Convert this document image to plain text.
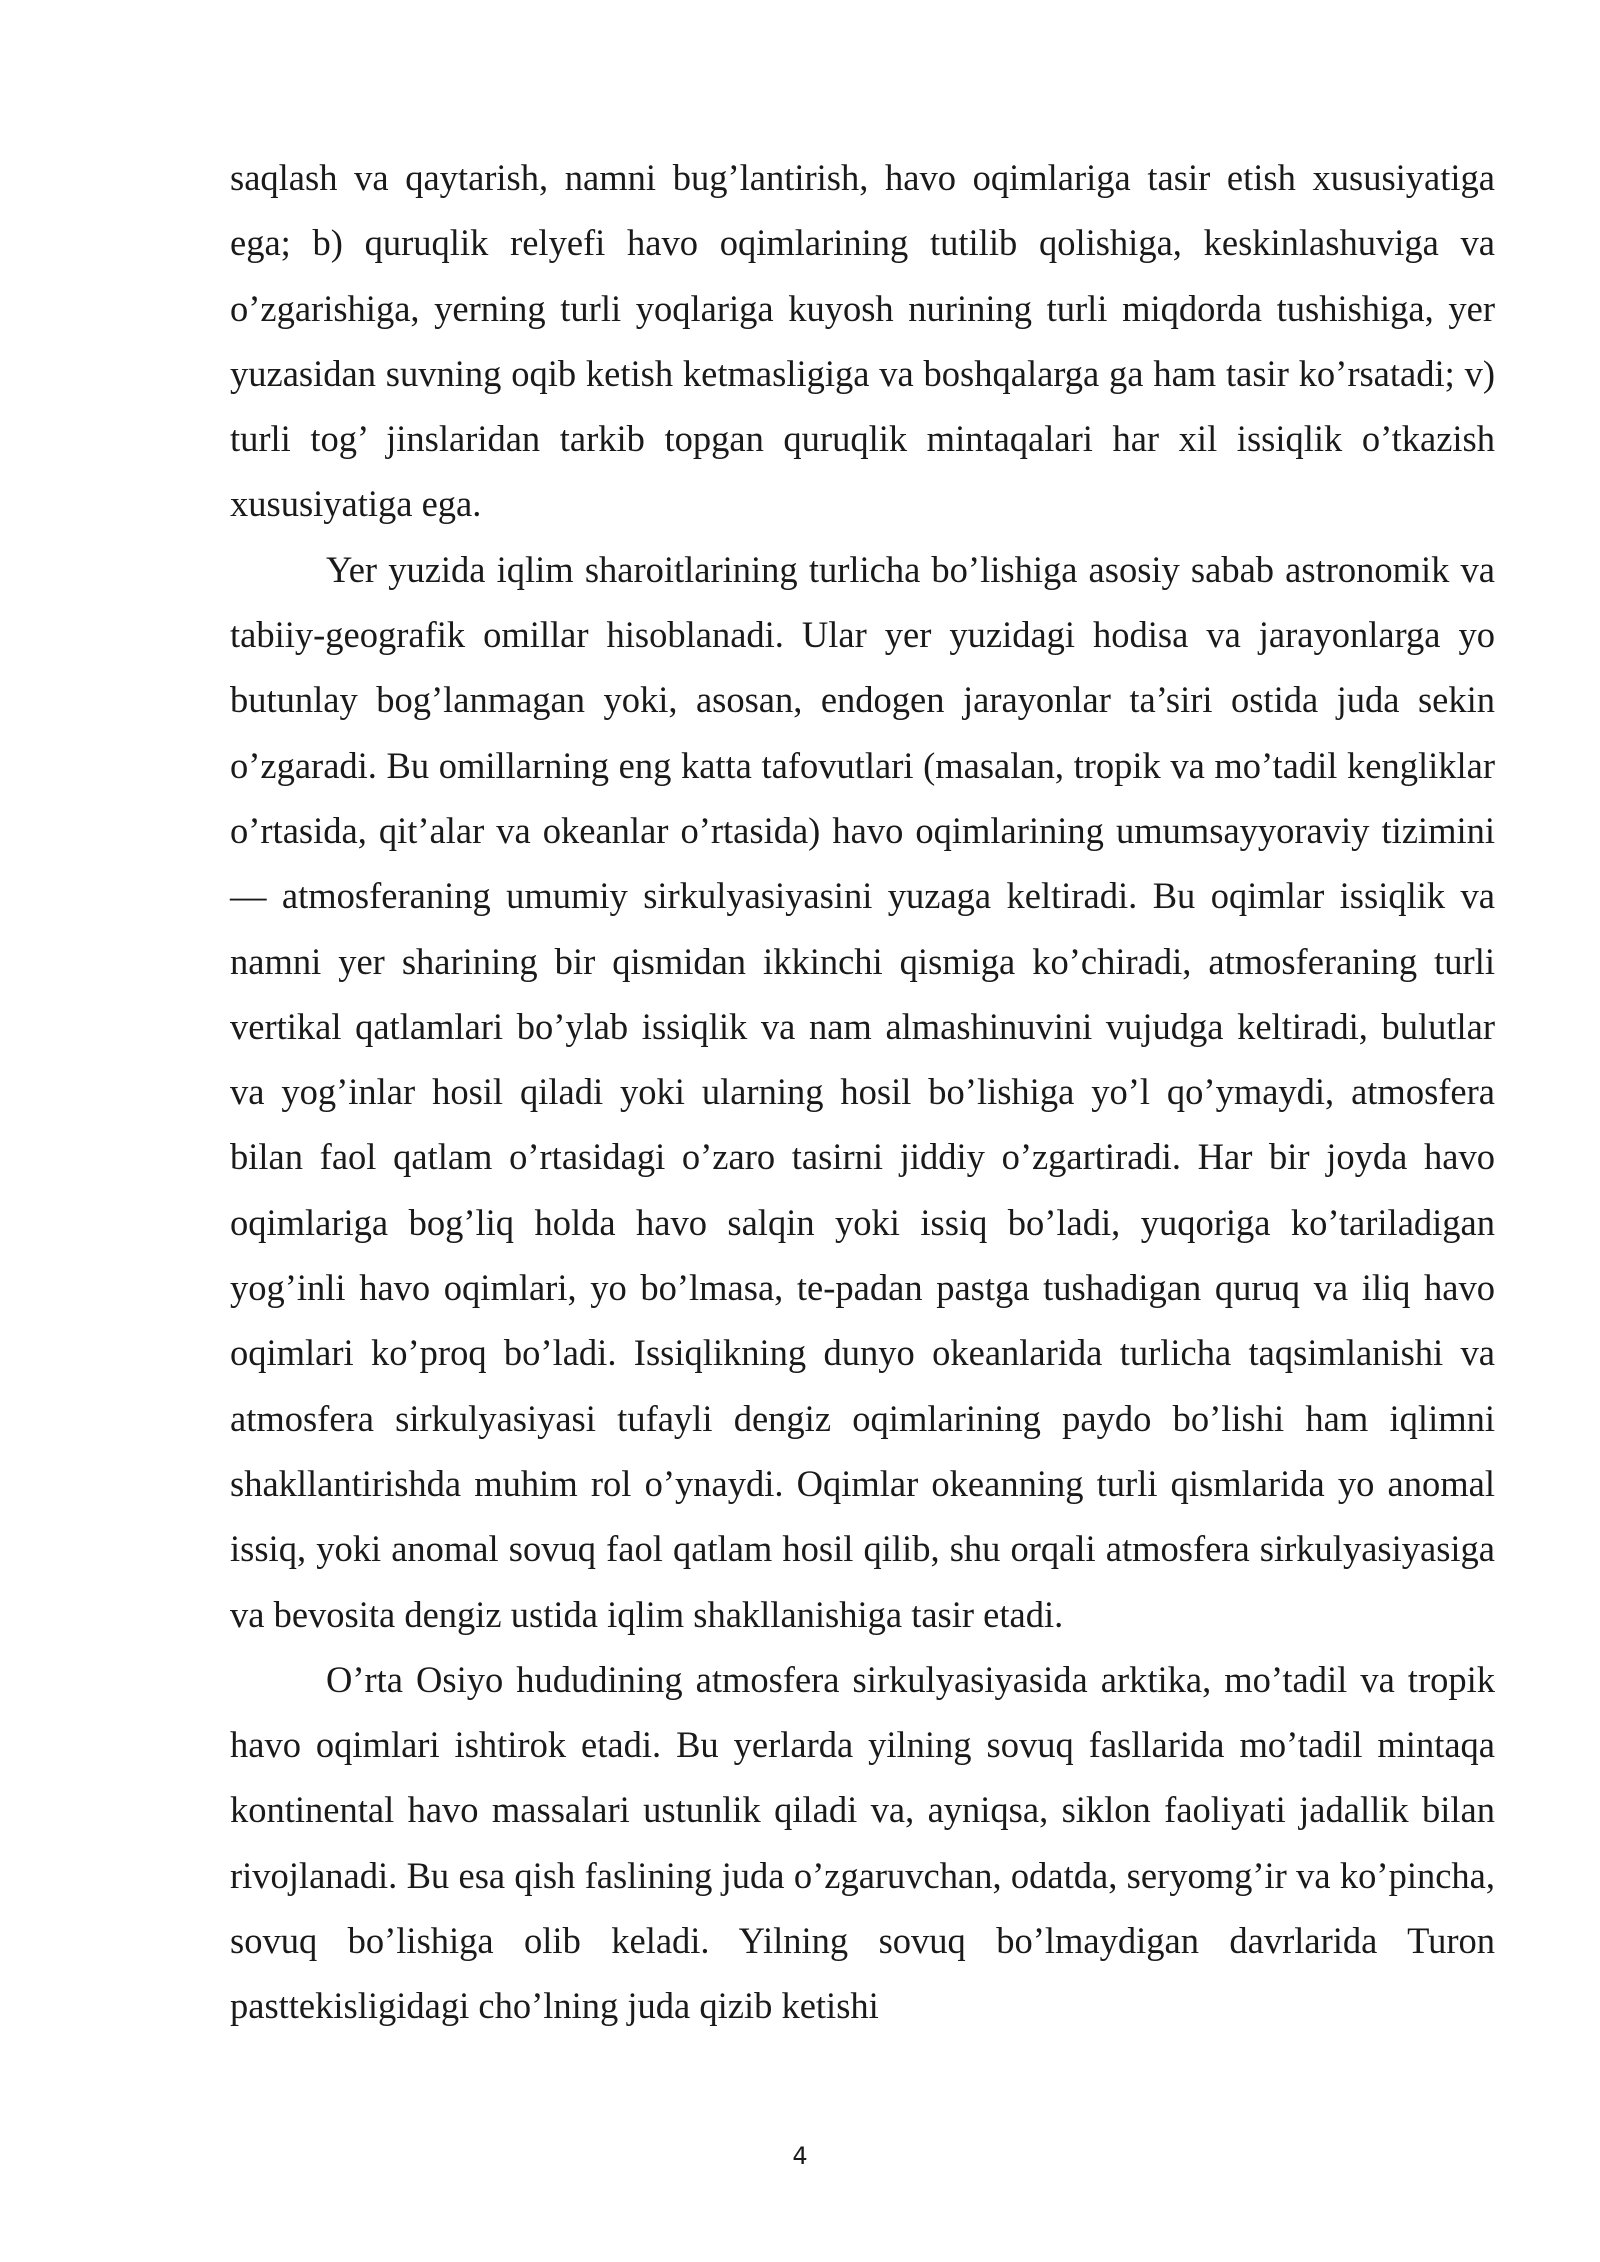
saqlash va qaytarish, namni bug’lantirish, havo oqimlariga tasir etish xususiyatiga ega; b) quruqlik relyefi havo oqimlarining tutilib qolishiga, keskinlashuviga va o’zgarishiga, yerning turli yoqlariga kuyosh nurining turli miqdorda tushishiga, yer yuzasidan suvning oqib ketish ketmasligiga va boshqalarga ga ham tasir ko’rsatadi; v) turli tog’ jinslaridan tarkib topgan quruqlik mintaqalari har xil issiqlik o’tkazish xususiyatiga ega.

Yer yuzida iqlim sharoitlarining turlicha bo’lishiga asosiy sabab astronomik va tabiiy-geografik omillar hisoblanadi. Ular yer yuzidagi hodisa va jarayonlarga yo butunlay bog’lanmagan yoki, asosan, endogen jarayonlar ta’siri ostida juda sekin o’zgaradi. Bu omillarning eng katta tafovutlari (masalan, tropik va mo’tadil kengliklar o’rtasida, qit’alar va okeanlar o’rtasida) havo oqimlarining umumsayyoraviy tizimini — atmosferaning umumiy sirkulyasiyasini yuzaga keltiradi. Bu oqimlar issiqlik va namni yer sharining bir qismidan ikkinchi qismiga ko’chiradi, atmosferaning turli vertikal qatlamlari bo’ylab issiqlik va nam almashinuvini vujudga keltiradi, bulutlar va yog’inlar hosil qiladi yoki ularning hosil bo’lishiga yo’l qo’ymaydi, atmosfera bilan faol qatlam o’rtasidagi o’zaro tasirni jiddiy o’zgartiradi. Har bir joyda havo oqimlariga bog’liq holda havo salqin yoki issiq bo’ladi, yuqoriga ko’tariladigan yog’inli havo oqimlari, yo bo’lmasa, te-padan pastga tushadigan quruq va iliq havo oqimlari ko’proq bo’ladi. Issiqlikning dunyo okeanlarida turlicha taqsimlanishi va atmosfera sirkulyasiyasi tufayli dengiz oqimlarining paydo bo’lishi ham iqlimni shakllantirishda muhim rol o’ynaydi. Oqimlar okeanning turli qismlarida yo anomal issiq, yoki anomal sovuq faol qatlam hosil qilib, shu orqali atmosfera sirkulyasiyasiga va bevosita dengiz ustida iqlim shakllanishiga tasir etadi.

O’rta Osiyo hududining atmosfera sirkulyasiyasida arktika, mo’tadil va tropik havo oqimlari ishtirok etadi. Bu yerlarda yilning sovuq fasllarida mo’tadil mintaqa kontinental havo massalari ustunlik qiladi va, ayniqsa, siklon faoliyati jadallik bilan rivojlanadi. Bu esa qish faslining juda o’zgaruvchan, odatda, seryomg’ir va ko’pincha, sovuq bo’lishiga olib keladi. Yilning sovuq bo’lmaydigan davrlarida Turon pasttekisligidagi cho’lning juda qizib ketishi

4
